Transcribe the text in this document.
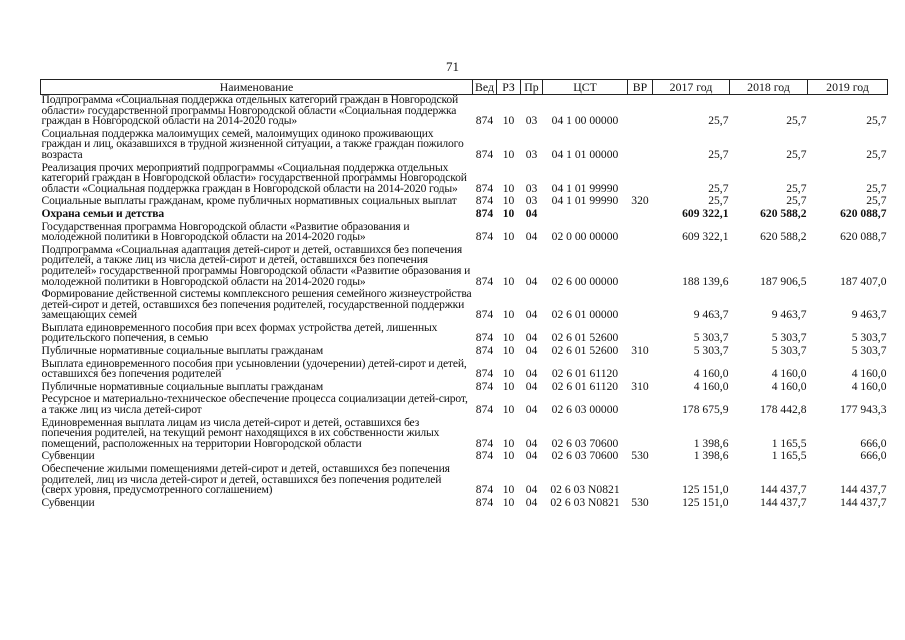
71
Наименование	Вед	РЗ	Пр	ЦСТ	ВР	2017 год	2018 год	2019 год
Подпрограмма «Социальная поддержка отдельных категорий граждан в Новгородской области» государственной программы Новгородской области «Социальная поддержка граждан в Новгородской области на 2014-2020 годы»	874	10	03	04 1 00 00000		25,7	25,7	25,7
Социальная поддержка малоимущих семей, малоимущих одиноко проживающих граждан и лиц, оказавшихся в трудной жизненной ситуации, а также граждан пожилого возраста	874	10	03	04 1 01 00000		25,7	25,7	25,7
Реализация прочих мероприятий подпрограммы «Социальная поддержка отдельных категорий граждан в Новгородской области» государственной программы Новгородской области «Социальная поддержка граждан в Новгородской области на 2014-2020 годы»	874	10	03	04 1 01 99990		25,7	25,7	25,7
Социальные выплаты гражданам, кроме публичных нормативных социальных выплат	874	10	03	04 1 01 99990	320	25,7	25,7	25,7
Охрана семьи и детства	874	10	04			609 322,1	620 588,2	620 088,7
Государственная программа Новгородской области «Развитие образования и молодежной политики в Новгородской области на 2014-2020 годы»	874	10	04	02 0 00 00000		609 322,1	620 588,2	620 088,7
Подпрограмма «Социальная адаптация детей-сирот и детей, оставшихся без попечения родителей, а также лиц из числа детей-сирот и детей, оставшихся без попечения родителей» государственной программы Новгородской области «Развитие образования и молодежной политики в Новгородской области на 2014-2020 годы»	874	10	04	02 6 00 00000		188 139,6	187 906,5	187 407,0
Формирование действенной системы комплексного решения семейного жизнеустройства детей-сирот и детей, оставшихся без попечения родителей, государственной поддержки замещающих семей	874	10	04	02 6 01 00000		9 463,7	9 463,7	9 463,7
Выплата единовременного пособия при всех формах устройства детей, лишенных родительского попечения, в семью	874	10	04	02 6 01 52600		5 303,7	5 303,7	5 303,7
Публичные нормативные социальные выплаты гражданам	874	10	04	02 6 01 52600	310	5 303,7	5 303,7	5 303,7
Выплата единовременного пособия при усыновлении (удочерении) детей-сирот и детей, оставшихся без попечения родителей	874	10	04	02 6 01 61120		4 160,0	4 160,0	4 160,0
Публичные нормативные социальные выплаты гражданам	874	10	04	02 6 01 61120	310	4 160,0	4 160,0	4 160,0
Ресурсное и материально-техническое обеспечение процесса социализации детей-сирот, а также лиц из числа детей-сирот	874	10	04	02 6 03 00000		178 675,9	178 442,8	177 943,3
Единовременная выплата лицам из числа детей-сирот и детей, оставшихся без попечения родителей, на текущий ремонт находящихся в их собственности жилых помещений, расположенных на территории Новгородской области	874	10	04	02 6 03 70600		1 398,6	1 165,5	666,0
Субвенции	874	10	04	02 6 03 70600	530	1 398,6	1 165,5	666,0
Обеспечение жилыми помещениями детей-сирот и детей, оставшихся без попечения родителей, лиц из числа детей-сирот и детей, оставшихся без попечения родителей (сверх уровня, предусмотренного соглашением)	874	10	04	02 6 03 N0821		125 151,0	144 437,7	144 437,7
Субвенции	874	10	04	02 6 03 N0821	530	125 151,0	144 437,7	144 437,7
